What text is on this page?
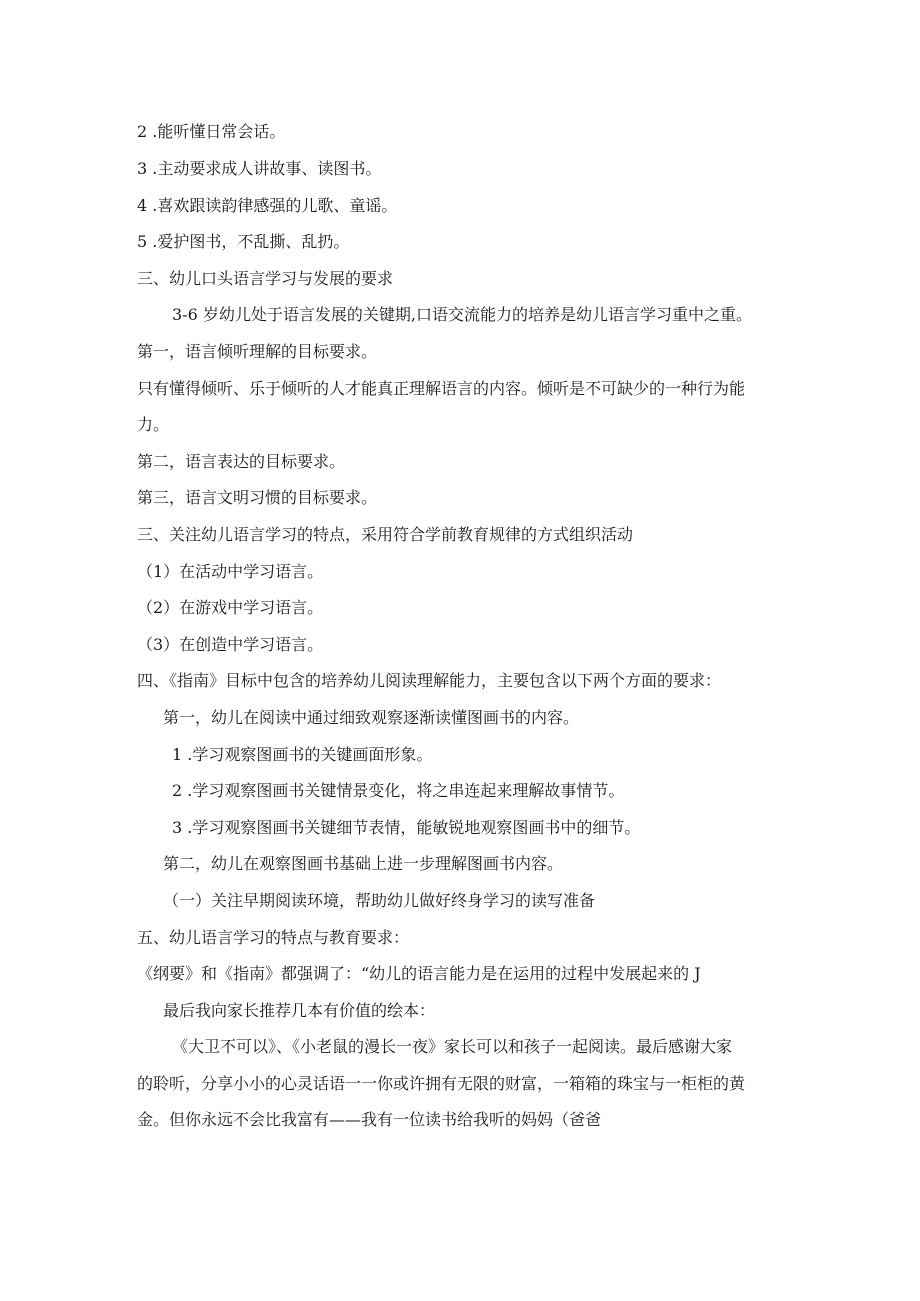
2 .能听懂日常会话。
3 .主动要求成人讲故事、读图书。
4 .喜欢跟读韵律感强的儿歌、童谣。
5 .爱护图书，不乱撕、乱扔。
三、幼儿口头语言学习与发展的要求
3-6 岁幼儿处于语言发展的关键期,口语交流能力的培养是幼儿语言学习重中之重。
第一，语言倾听理解的目标要求。
只有懂得倾听、乐于倾听的人才能真正理解语言的内容。倾听是不可缺少的一种行为能
力。
第二，语言表达的目标要求。
第三，语言文明习惯的目标要求。
三、关注幼儿语言学习的特点，采用符合学前教育规律的方式组织活动
（1）在活动中学习语言。
（2）在游戏中学习语言。
（3）在创造中学习语言。
四、《指南》目标中包含的培养幼儿阅读理解能力，主要包含以下两个方面的要求：
第一，幼儿在阅读中通过细致观察逐渐读懂图画书的内容。
1 .学习观察图画书的关键画面形象。
2 .学习观察图画书关键情景变化，将之串连起来理解故事情节。
3 .学习观察图画书关键细节表情，能敏锐地观察图画书中的细节。
第二，幼儿在观察图画书基础上进一步理解图画书内容。
（一）关注早期阅读环境，帮助幼儿做好终身学习的读写准备
五、幼儿语言学习的特点与教育要求：
《纲要》和《指南》都强调了：“幼儿的语言能力是在运用的过程中发展起来的 J
最后我向家长推荐几本有价值的绘本：
《大卫不可以》、《小老鼠的漫长一夜》家长可以和孩子一起阅读。最后感谢大家
的聆听，分享小小的心灵话语一一你或许拥有无限的财富，一箱箱的珠宝与一柜柜的黄
金。但你永远不会比我富有——我有一位读书给我听的妈妈（爸爸
